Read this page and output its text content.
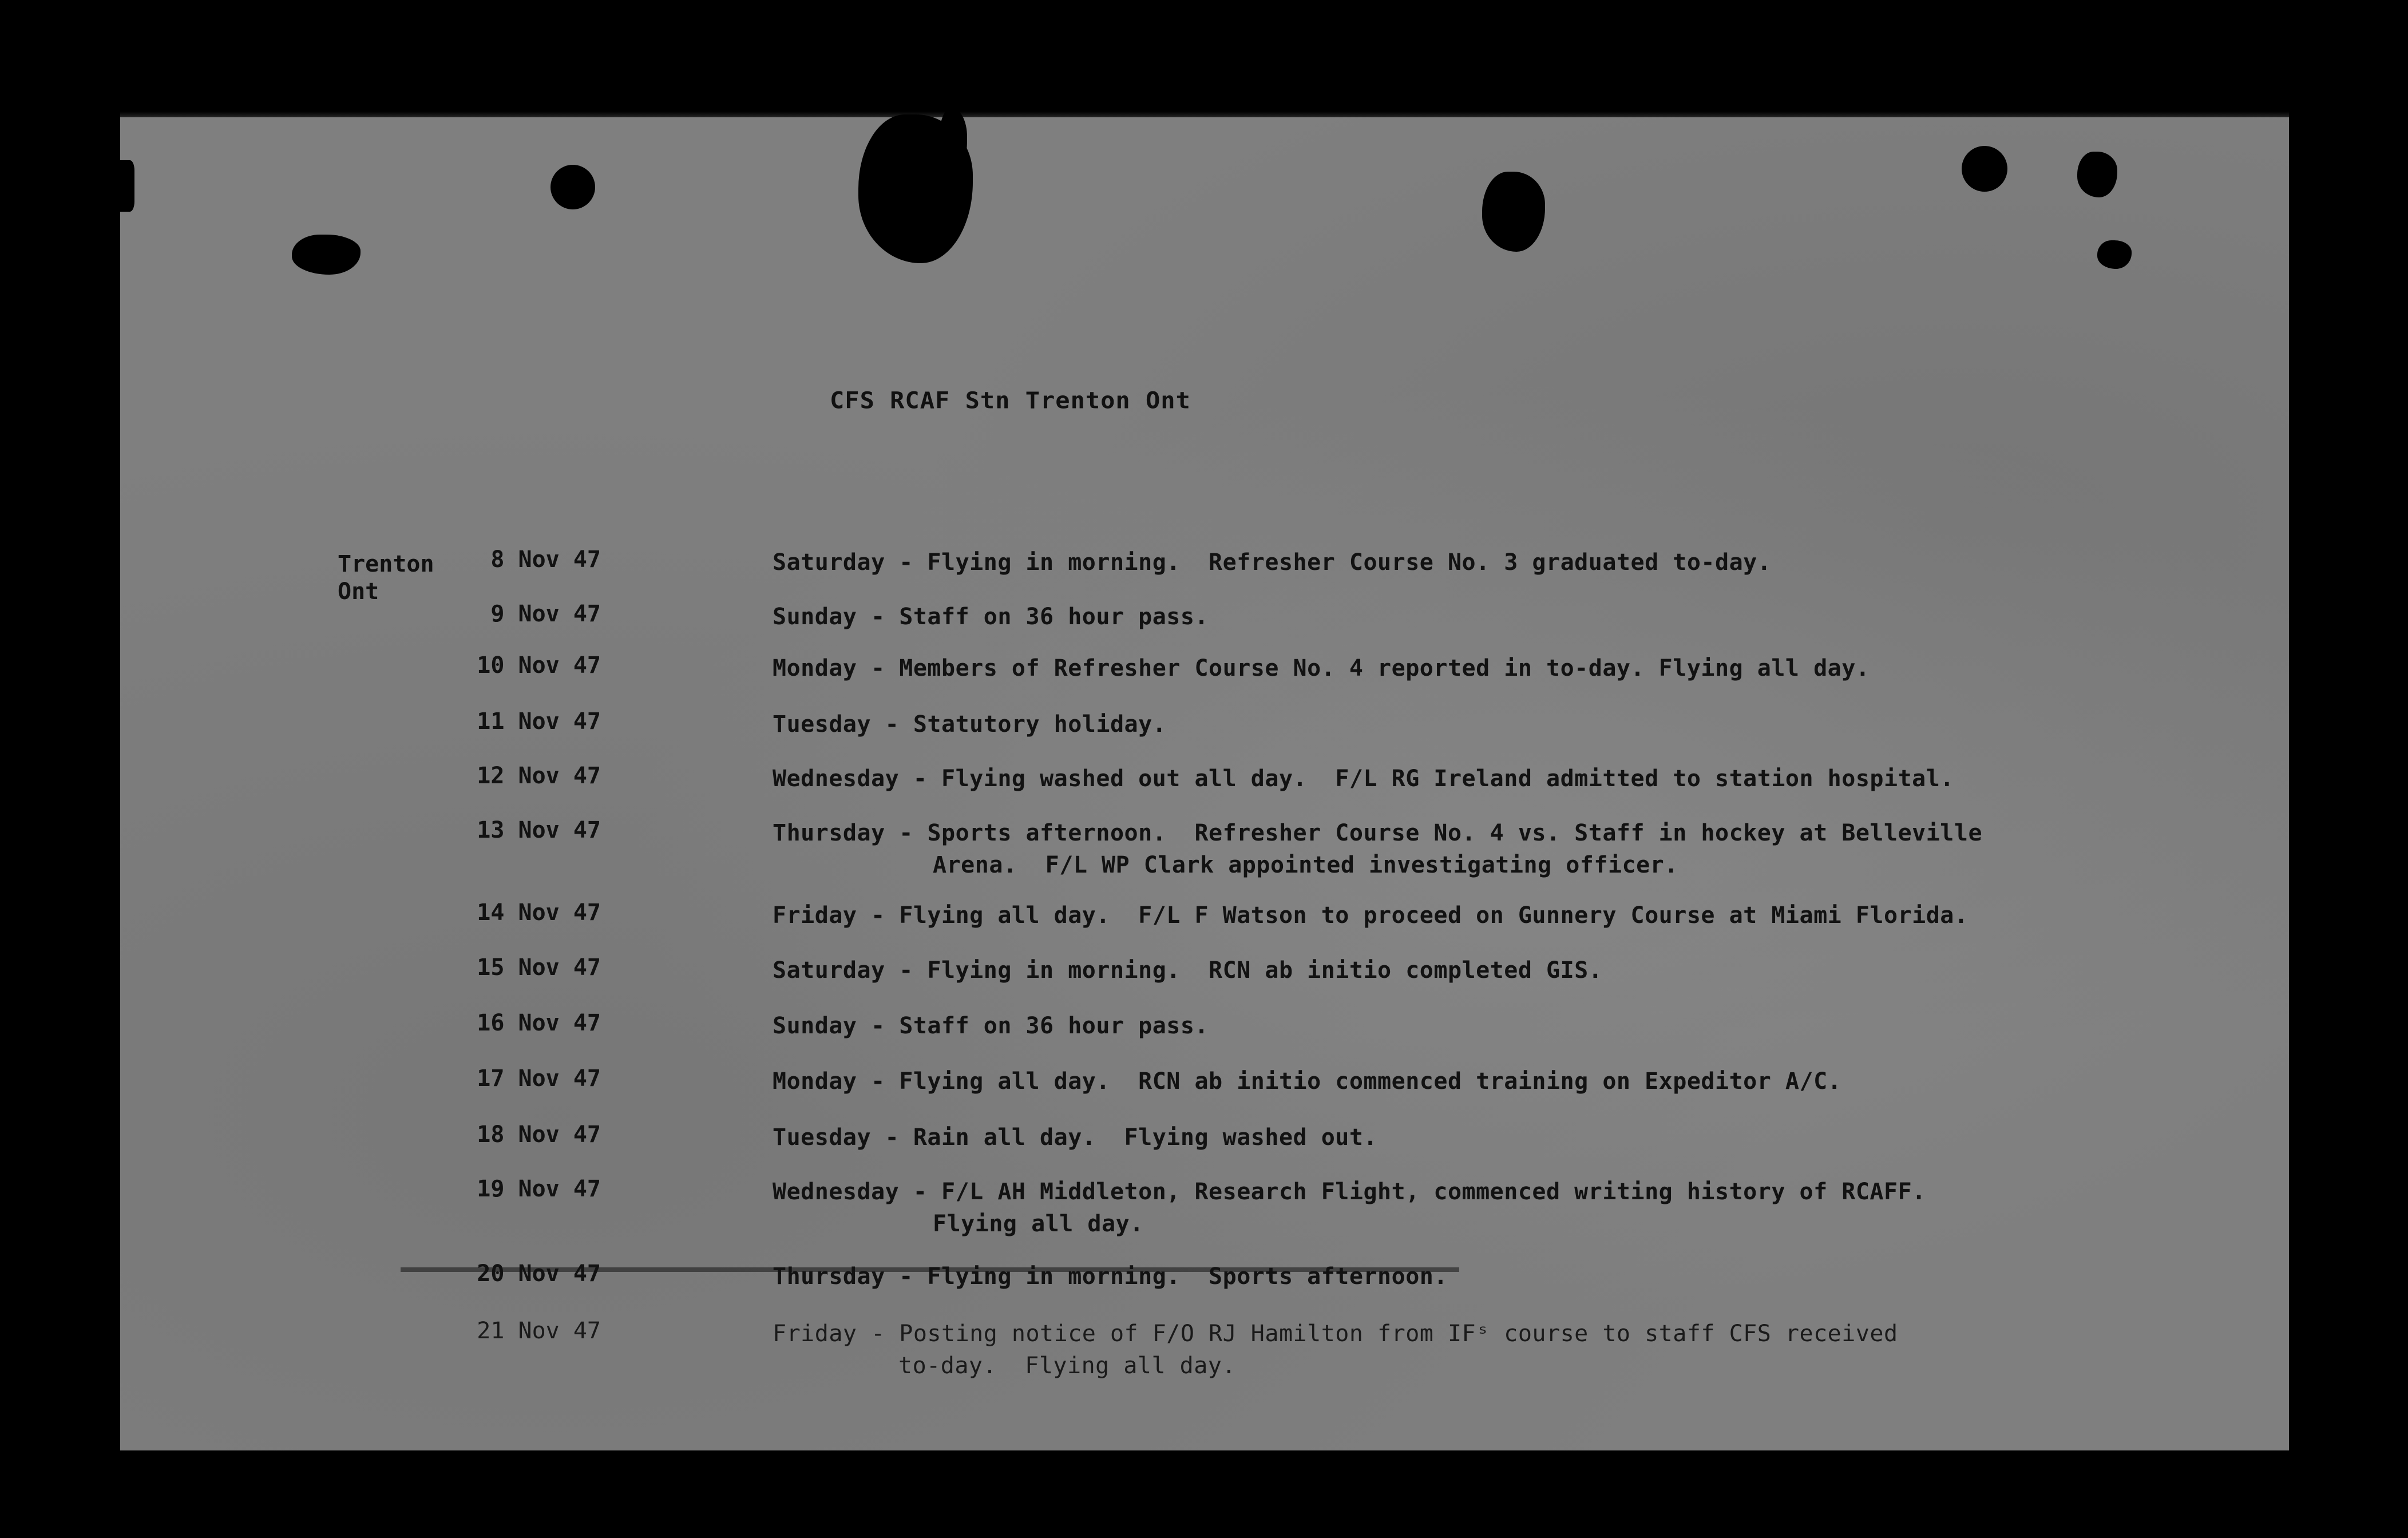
CFS RCAF Stn Trenton Ont
Trenton
Ont
8 Nov 47	Saturday - Flying in morning.  Refresher Course No. 3 graduated to-day.
9 Nov 47	Sunday - Staff on 36 hour pass.
10 Nov 47	Monday - Members of Refresher Course No. 4 reported in to-day. Flying all day.
11 Nov 47	Tuesday - Statutory holiday.
12 Nov 47	Wednesday - Flying washed out all day.  F/L RG Ireland admitted to station hospital.
13 Nov 47	Thursday - Sports afternoon.  Refresher Course No. 4 vs. Staff in hockey at Belleville
Arena.  F/L WP Clark appointed investigating officer.
14 Nov 47	Friday - Flying all day.  F/L F Watson to proceed on Gunnery Course at Miami Florida.
15 Nov 47	Saturday - Flying in morning.  RCN ab initio completed GIS.
16 Nov 47	Sunday - Staff on 36 hour pass.
17 Nov 47	Monday - Flying all day.  RCN ab initio commenced training on Expeditor A/C.
18 Nov 47	Tuesday - Rain all day.  Flying washed out.
19 Nov 47	Wednesday - F/L AH Middleton, Research Flight, commenced writing history of RCAFF.
Flying all day.
20 Nov 47	Thursday - Flying in morning.  Sports afternoon.
21 Nov 47	Friday - Posting notice of F/O RJ Hamilton from IFˢ course to staff CFS received
to-day.  Flying all day.
